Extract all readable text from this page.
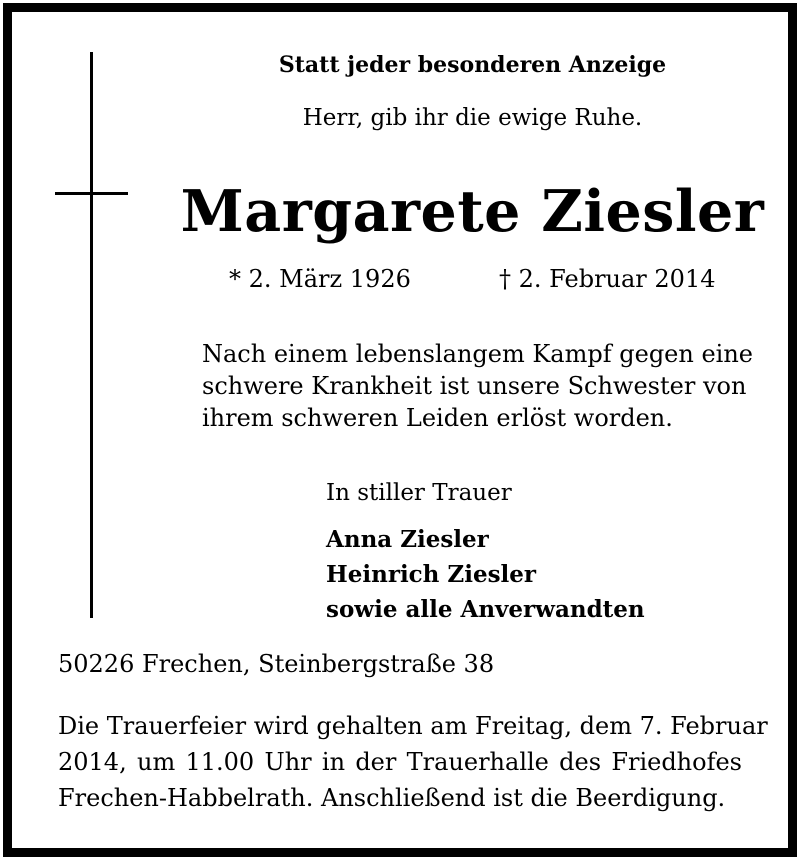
Statt jeder besonderen Anzeige
Herr, gib ihr die ewige Ruhe.
Margarete Ziesler
* 2. März 1926	† 2. Februar 2014
Nach einem lebenslangem Kampf gegen eine
schwere Krankheit ist unsere Schwester von
ihrem schweren Leiden erlöst worden.
In stiller Trauer
Anna Ziesler
Heinrich Ziesler
sowie alle Anverwandten
50226 Frechen, Steinbergstraße 38
Die Trauerfeier wird gehalten am Freitag, dem 7. Februar
2014, um 11.00 Uhr in der Trauerhalle des Friedhofes
Frechen-Habbelrath. Anschließend ist die Beerdigung.
